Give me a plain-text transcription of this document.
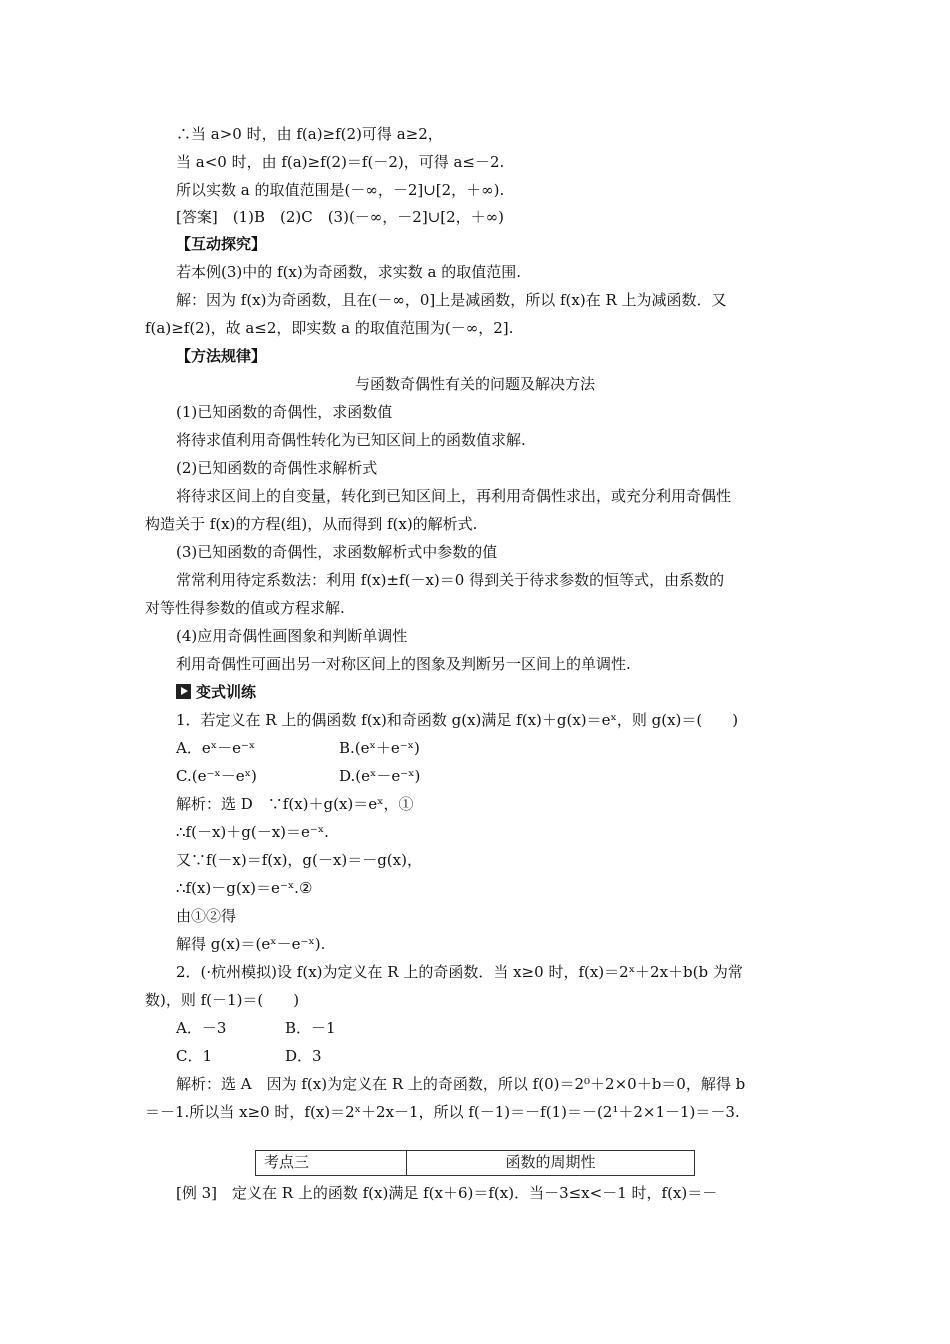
∴当 a>0 时，由 f(a)≥f(2)可得 a≥2，
当 a<0 时，由 f(a)≥f(2)＝f(－2)，可得 a≤－2.
所以实数 a 的取值范围是(－∞，－2]∪[2，＋∞).
[答案]　(1)B　(2)C　(3)(－∞，－2]∪[2，＋∞)
【互动探究】
若本例(3)中的 f(x)为奇函数，求实数 a 的取值范围.
解：因为 f(x)为奇函数，且在(－∞，0]上是减函数，所以 f(x)在 R 上为减函数．又
f(a)≥f(2)，故 a≤2，即实数 a 的取值范围为(－∞，2].
【方法规律】
与函数奇偶性有关的问题及解决方法
(1)已知函数的奇偶性，求函数值
将待求值利用奇偶性转化为已知区间上的函数值求解.
(2)已知函数的奇偶性求解析式
将待求区间上的自变量，转化到已知区间上，再利用奇偶性求出，或充分利用奇偶性
构造关于 f(x)的方程(组)，从而得到 f(x)的解析式.
(3)已知函数的奇偶性，求函数解析式中参数的值
常常利用待定系数法：利用 f(x)±f(－x)＝0 得到关于待求参数的恒等式，由系数的
对等性得参数的值或方程求解.
(4)应用奇偶性画图象和判断单调性
利用奇偶性可画出另一对称区间上的图象及判断另一区间上的单调性.
变式训练
1．若定义在 R 上的偶函数 f(x)和奇函数 g(x)满足 f(x)＋g(x)＝eˣ，则 g(x)＝(　　)
A．eˣ－e⁻ˣ	B.(eˣ＋e⁻ˣ)
C.(e⁻ˣ－eˣ)	D.(eˣ－e⁻ˣ)
解析：选 D　∵f(x)＋g(x)＝eˣ，①
∴f(－x)＋g(－x)＝e⁻ˣ.
又∵f(－x)＝f(x)，g(－x)＝－g(x)，
∴f(x)－g(x)＝e⁻ˣ.②
由①②得
解得 g(x)＝(eˣ－e⁻ˣ).
2．(·杭州模拟)设 f(x)为定义在 R 上的奇函数．当 x≥0 时，f(x)＝2ˣ＋2x＋b(b 为常
数)，则 f(－1)＝(　　)
A．－3	B．－1
C．1	D．3
解析：选 A　因为 f(x)为定义在 R 上的奇函数，所以 f(0)＝2⁰＋2×0＋b＝0，解得 b
＝－1.所以当 x≥0 时，f(x)＝2ˣ＋2x－1，所以 f(－1)＝－f(1)＝－(2¹＋2×1－1)＝－3.
考点三	函数的周期性
[例 3]　定义在 R 上的函数 f(x)满足 f(x＋6)＝f(x)．当－3≤x<－1 时，f(x)＝－
